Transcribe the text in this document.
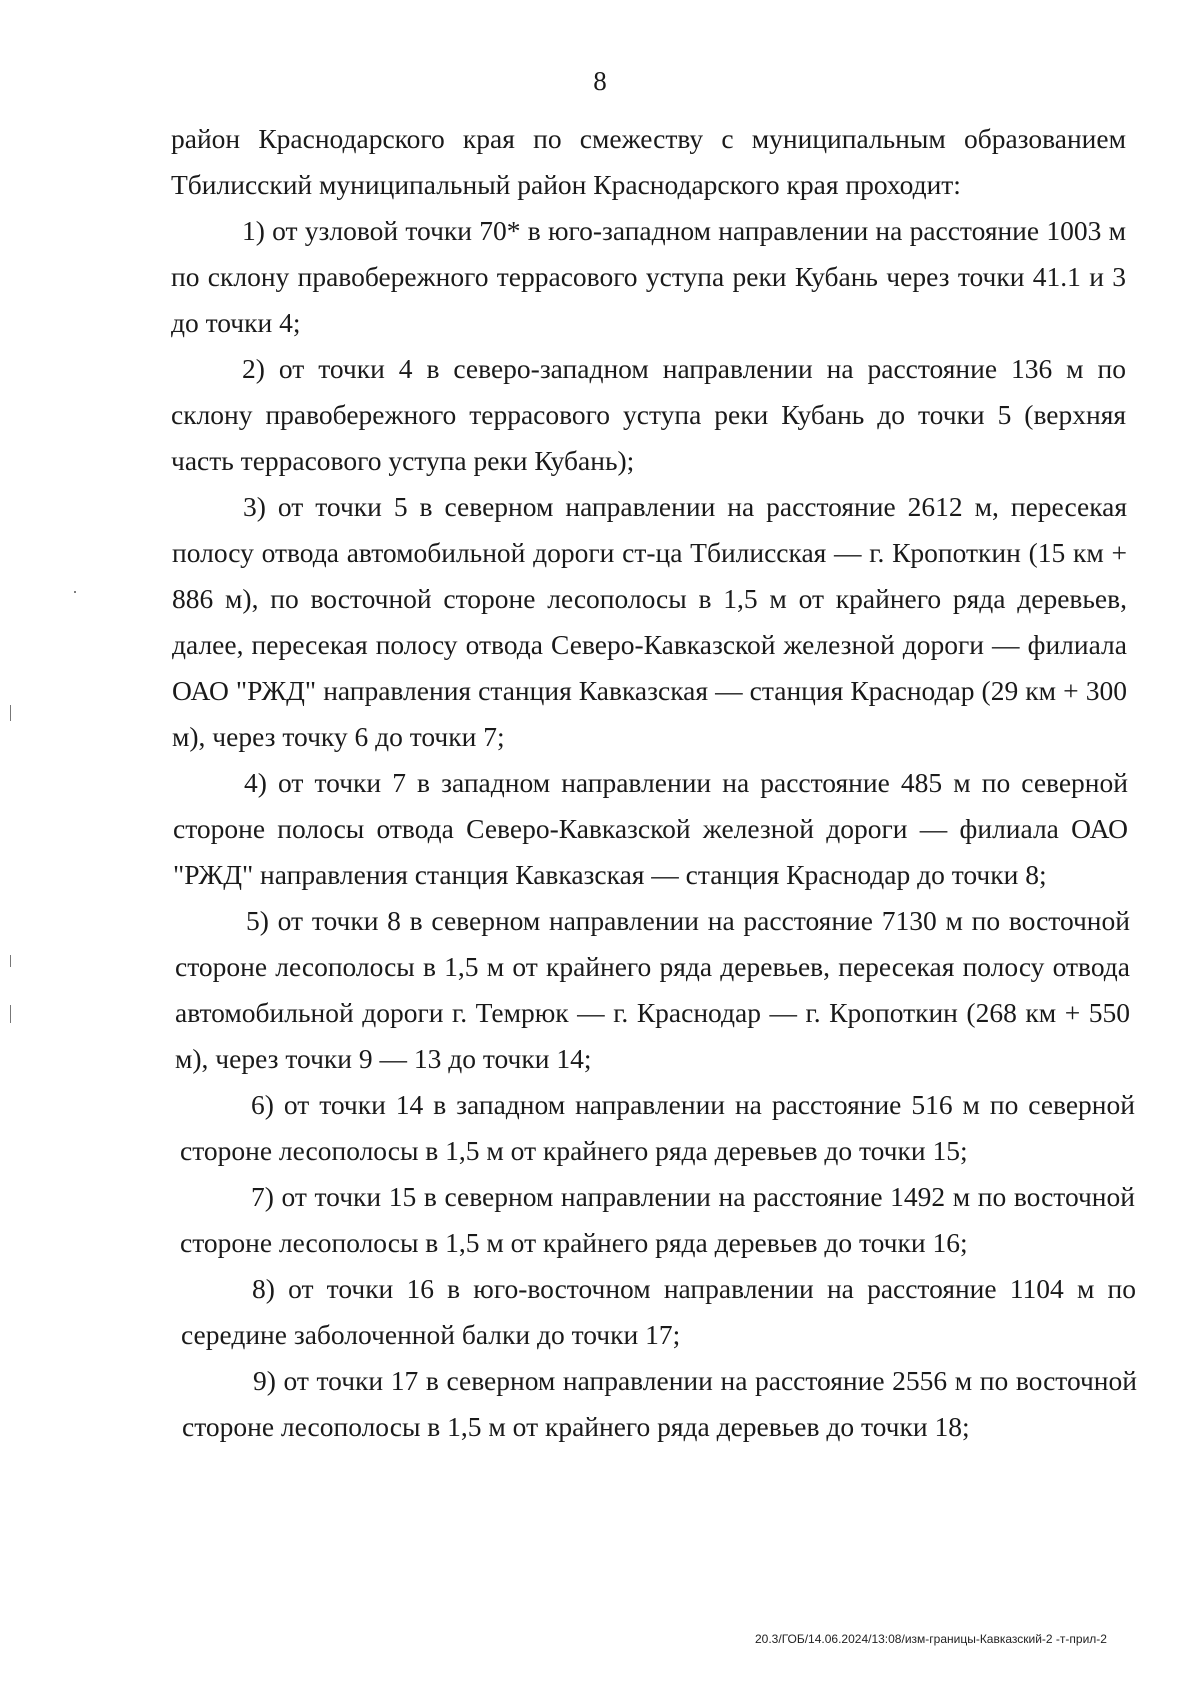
8

район Краснодарского края по смежеству с муниципальным образованием Тбилисский муниципальный район Краснодарского края проходит:

1) от узловой точки 70* в юго-западном направлении на расстояние 1003 м по склону правобережного террасового уступа реки Кубань через точки 41.1 и 3 до точки 4;

2) от точки 4 в северо-западном направлении на расстояние 136 м по склону правобережного террасового уступа реки Кубань до точки 5 (верхняя часть террасового уступа реки Кубань);

3) от точки 5 в северном направлении на расстояние 2612 м, пересекая полосу отвода автомобильной дороги ст-ца Тбилисская — г. Кропоткин (15 км + 886 м), по восточной стороне лесополосы в 1,5 м от крайнего ряда деревьев, далее, пересекая полосу отвода Северо-Кавказской железной дороги — филиала ОАО "РЖД" направления станция Кавказская — станция Краснодар (29 км + 300 м), через точку 6 до точки 7;

4) от точки 7 в западном направлении на расстояние 485 м по северной стороне полосы отвода Северо-Кавказской железной дороги — филиала ОАО "РЖД" направления станция Кавказская — станция Краснодар до точки 8;

5) от точки 8 в северном направлении на расстояние 7130 м по восточной стороне лесополосы в 1,5 м от крайнего ряда деревьев, пересекая полосу отвода автомобильной дороги г. Темрюк — г. Краснодар — г. Кропоткин (268 км + 550 м), через точки 9 — 13 до точки 14;

6) от точки 14 в западном направлении на расстояние 516 м по северной стороне лесополосы в 1,5 м от крайнего ряда деревьев до точки 15;

7) от точки 15 в северном направлении на расстояние 1492 м по восточной стороне лесополосы в 1,5 м от крайнего ряда деревьев до точки 16;

8) от точки 16 в юго-восточном направлении на расстояние 1104 м по середине заболоченной балки до точки 17;

9) от точки 17 в северном направлении на расстояние 2556 м по восточной стороне лесополосы в 1,5 м от крайнего ряда деревьев до точки 18;

20.3/ГОБ/14.06.2024/13:08/изм-границы-Кавказский-2 -т-прил-2
